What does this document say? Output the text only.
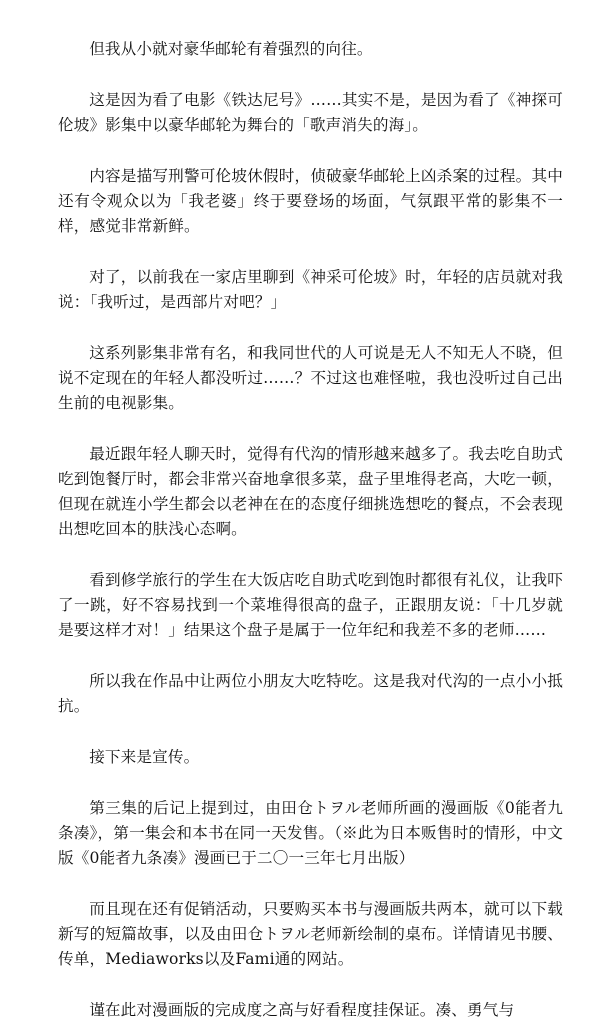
但我从小就对豪华邮轮有着强烈的向往。

这是因为看了电影《铁达尼号》……其实不是，是因为看了《神探可伦坡》影集中以豪华邮轮为舞台的「歌声消失的海」。

内容是描写刑警可伦坡休假时，侦破豪华邮轮上凶杀案的过程。其中还有令观众以为「我老婆」终于要登场的场面，气氛跟平常的影集不一样，感觉非常新鲜。

对了，以前我在一家店里聊到《神采可伦坡》时，年轻的店员就对我说：「我听过，是西部片对吧？」

这系列影集非常有名，和我同世代的人可说是无人不知无人不晓，但说不定现在的年轻人都没听过……？不过这也难怪啦，我也没听过自己出生前的电视影集。

最近跟年轻人聊天时，觉得有代沟的情形越来越多了。我去吃自助式吃到饱餐厅时，都会非常兴奋地拿很多菜，盘子里堆得老高，大吃一顿，但现在就连小学生都会以老神在在的态度仔细挑选想吃的餐点，不会表现出想吃回本的肤浅心态啊。

看到修学旅行的学生在大饭店吃自助式吃到饱时都很有礼仪，让我吓了一跳，好不容易找到一个菜堆得很高的盘子，正跟朋友说：「十几岁就是要这样才对！」结果这个盘子是属于一位年纪和我差不多的老师……

所以我在作品中让两位小朋友大吃特吃。这是我对代沟的一点小小抵抗。

接下来是宣传。

第三集的后记上提到过，由田仓トヲル老师所画的漫画版《0能者九条凑》，第一集会和本书在同一天发售。（※此为日本贩售时的情形，中文版《0能者九条凑》漫画已于二〇一三年七月出版）

而且现在还有促销活动，只要购买本书与漫画版共两本，就可以下载新写的短篇故事，以及由田仓トヲル老师新绘制的桌布。详情请见书腰、传单，Mediaworks以及Fami通的网站。

谨在此对漫画版的完成度之高与好看程度挂保证。凑、勇气与
